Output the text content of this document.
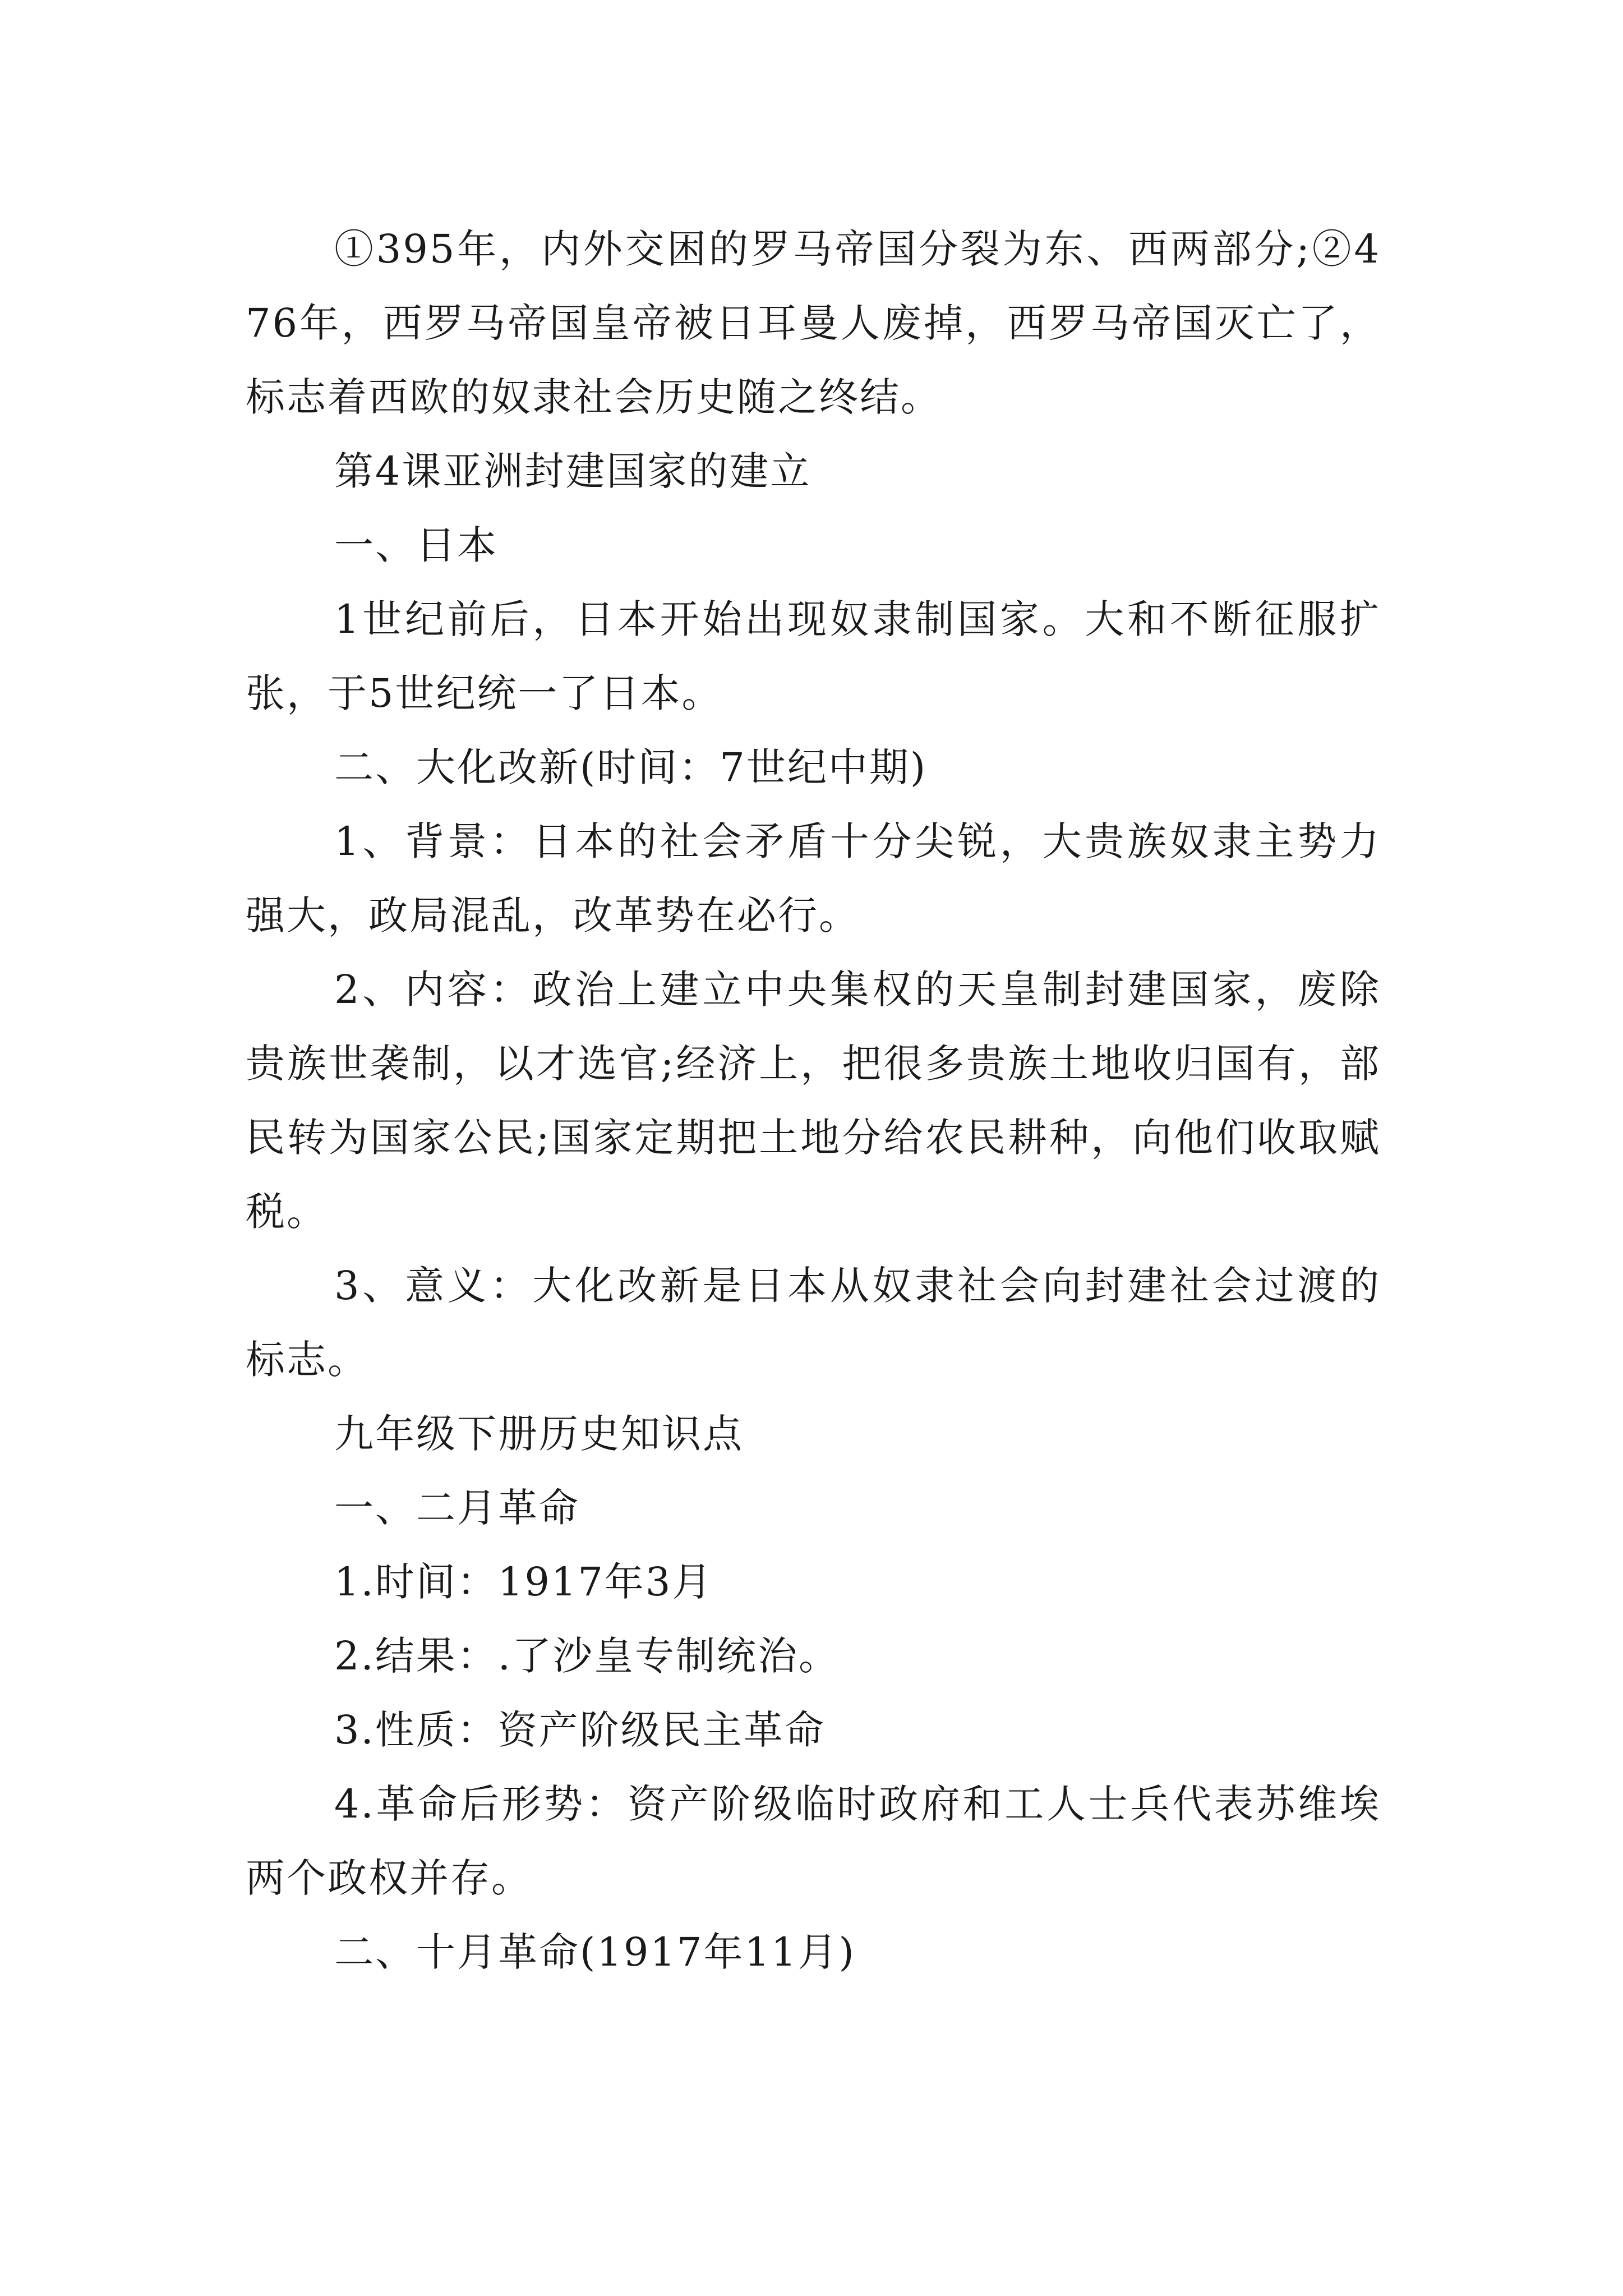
①395年，内外交困的罗马帝国分裂为东、西两部分;②476年，西罗马帝国皇帝被日耳曼人废掉，西罗马帝国灭亡了，标志着西欧的奴隶社会历史随之终结。

第4课亚洲封建国家的建立

一、日本

1世纪前后，日本开始出现奴隶制国家。大和不断征服扩张，于5世纪统一了日本。

二、大化改新(时间：7世纪中期)

1、背景：日本的社会矛盾十分尖锐，大贵族奴隶主势力强大，政局混乱，改革势在必行。

2、内容：政治上建立中央集权的天皇制封建国家，废除贵族世袭制，以才选官;经济上，把很多贵族土地收归国有，部民转为国家公民;国家定期把土地分给农民耕种，向他们收取赋税。

3、意义：大化改新是日本从奴隶社会向封建社会过渡的标志。

九年级下册历史知识点

一、二月革命

1.时间：1917年3月

2.结果：.了沙皇专制统治。

3.性质：资产阶级民主革命

4.革命后形势：资产阶级临时政府和工人士兵代表苏维埃两个政权并存。

二、十月革命(1917年11月)
